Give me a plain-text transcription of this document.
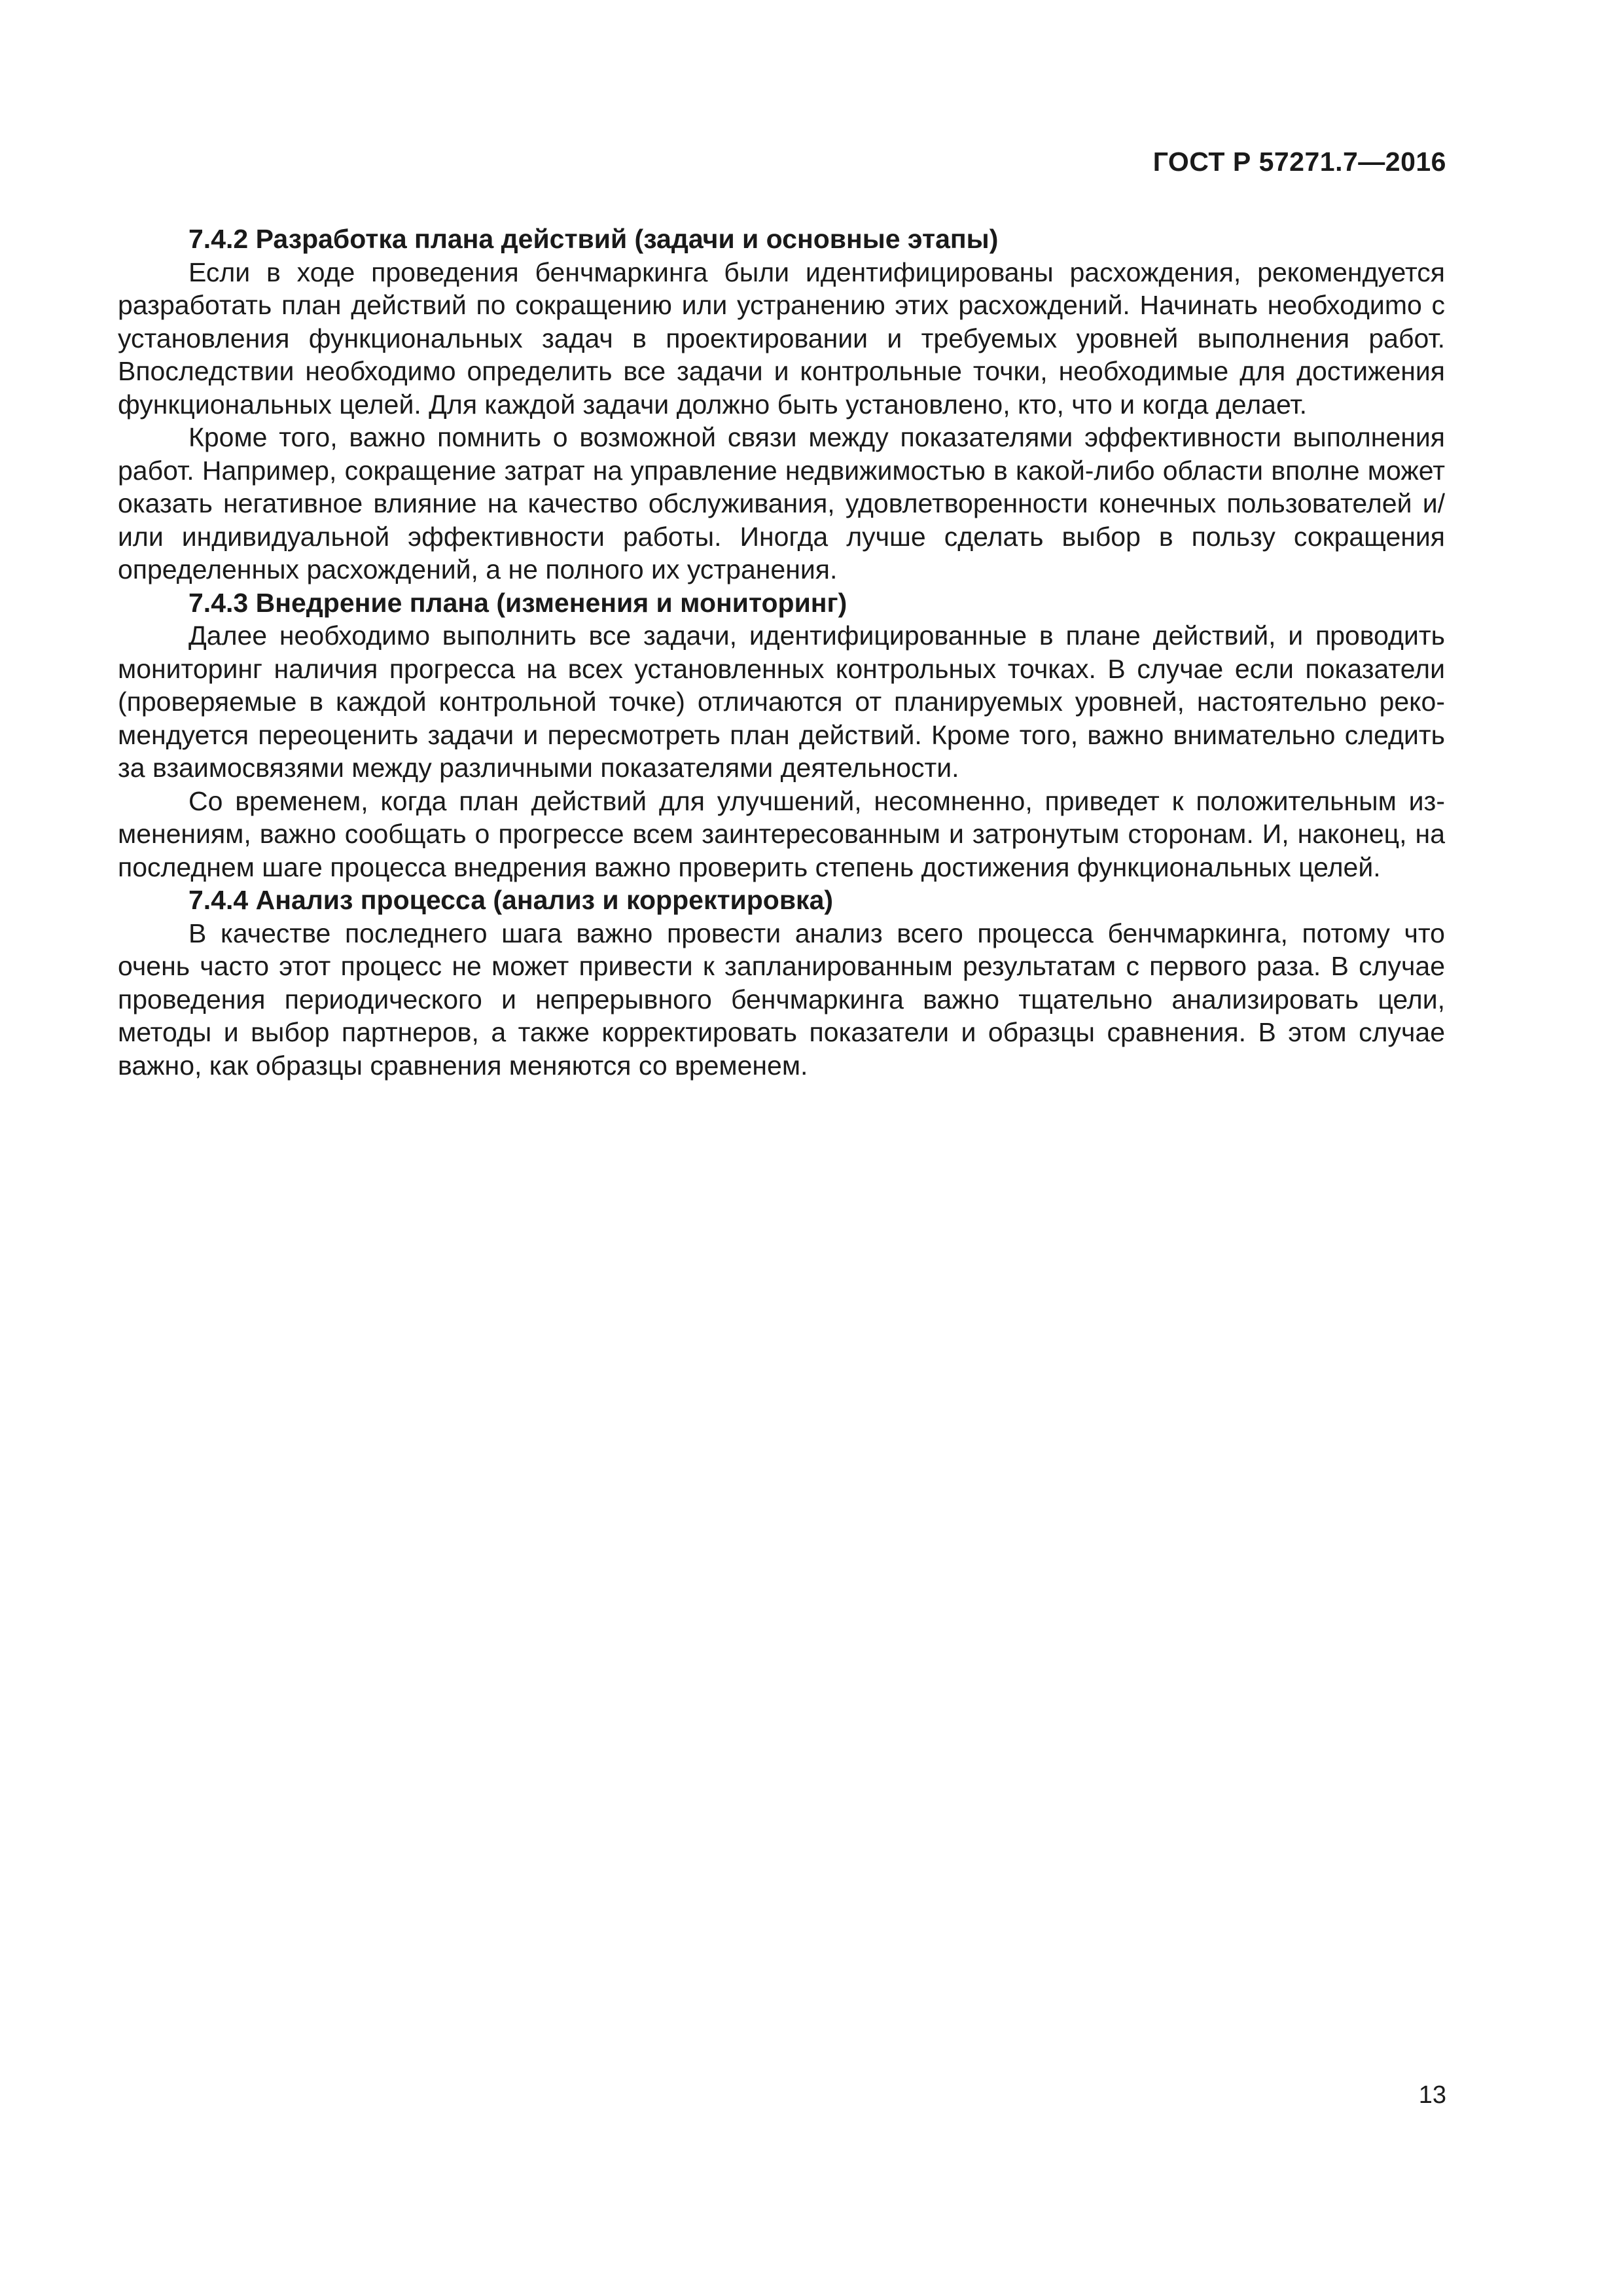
ГОСТ Р 57271.7—2016

7.4.2 Разработка плана действий (задачи и основные этапы)

Если в ходе проведения бенчмаркинга были идентифицированы расхождения, рекомендуется разработать план действий по сокращению или устранению этих расхождений. Начинать необходиmо с установления функциональных задач в проектировании и требуемых уровней выполнения работ. Впоследствии необходимо определить все задачи и контрольные точки, необходимые для достижения функциональных целей. Для каждой задачи должно быть установлено, кто, что и когда делает.

Кроме того, важно помнить о возможной связи между показателями эффективности выполнения работ. Например, сокращение затрат на управление недвижимостью в какой-либо области вполне может оказать негативное влияние на качество обслуживания, удовлетворенности конечных пользователей и/или индивидуальной эффективности работы. Иногда лучше сделать выбор в пользу сокращения определенных расхождений, а не полного их устранения.

7.4.3 Внедрение плана (изменения и мониторинг)

Далее необходимо выполнить все задачи, идентифицированные в плане действий, и проводить мониторинг наличия прогресса на всех установленных контрольных точках. В случае если показатели (проверяемые в каждой контрольной точке) отличаются от планируемых уровней, настоятельно рекомендуется переоценить задачи и пересмотреть план действий. Кроме того, важно внимательно следить за взаимосвязями между различными показателями деятельности.

Со временем, когда план действий для улучшений, несомненно, приведет к положительным изменениям, важно сообщать о прогрессе всем заинтересованным и затронутым сторонам. И, наконец, на последнем шаге процесса внедрения важно проверить степень достижения функциональных целей.

7.4.4 Анализ процесса (анализ и корректировка)

В качестве последнего шага важно провести анализ всего процесса бенчмаркинга, потому что очень часто этот процесс не может привести к запланированным результатам с первого раза. В случае проведения периодического и непрерывного бенчмаркинга важно тщательно анализировать цели, методы и выбор партнеров, а также корректировать показатели и образцы сравнения. В этом случае важно, как образцы сравнения меняются со временем.

13
